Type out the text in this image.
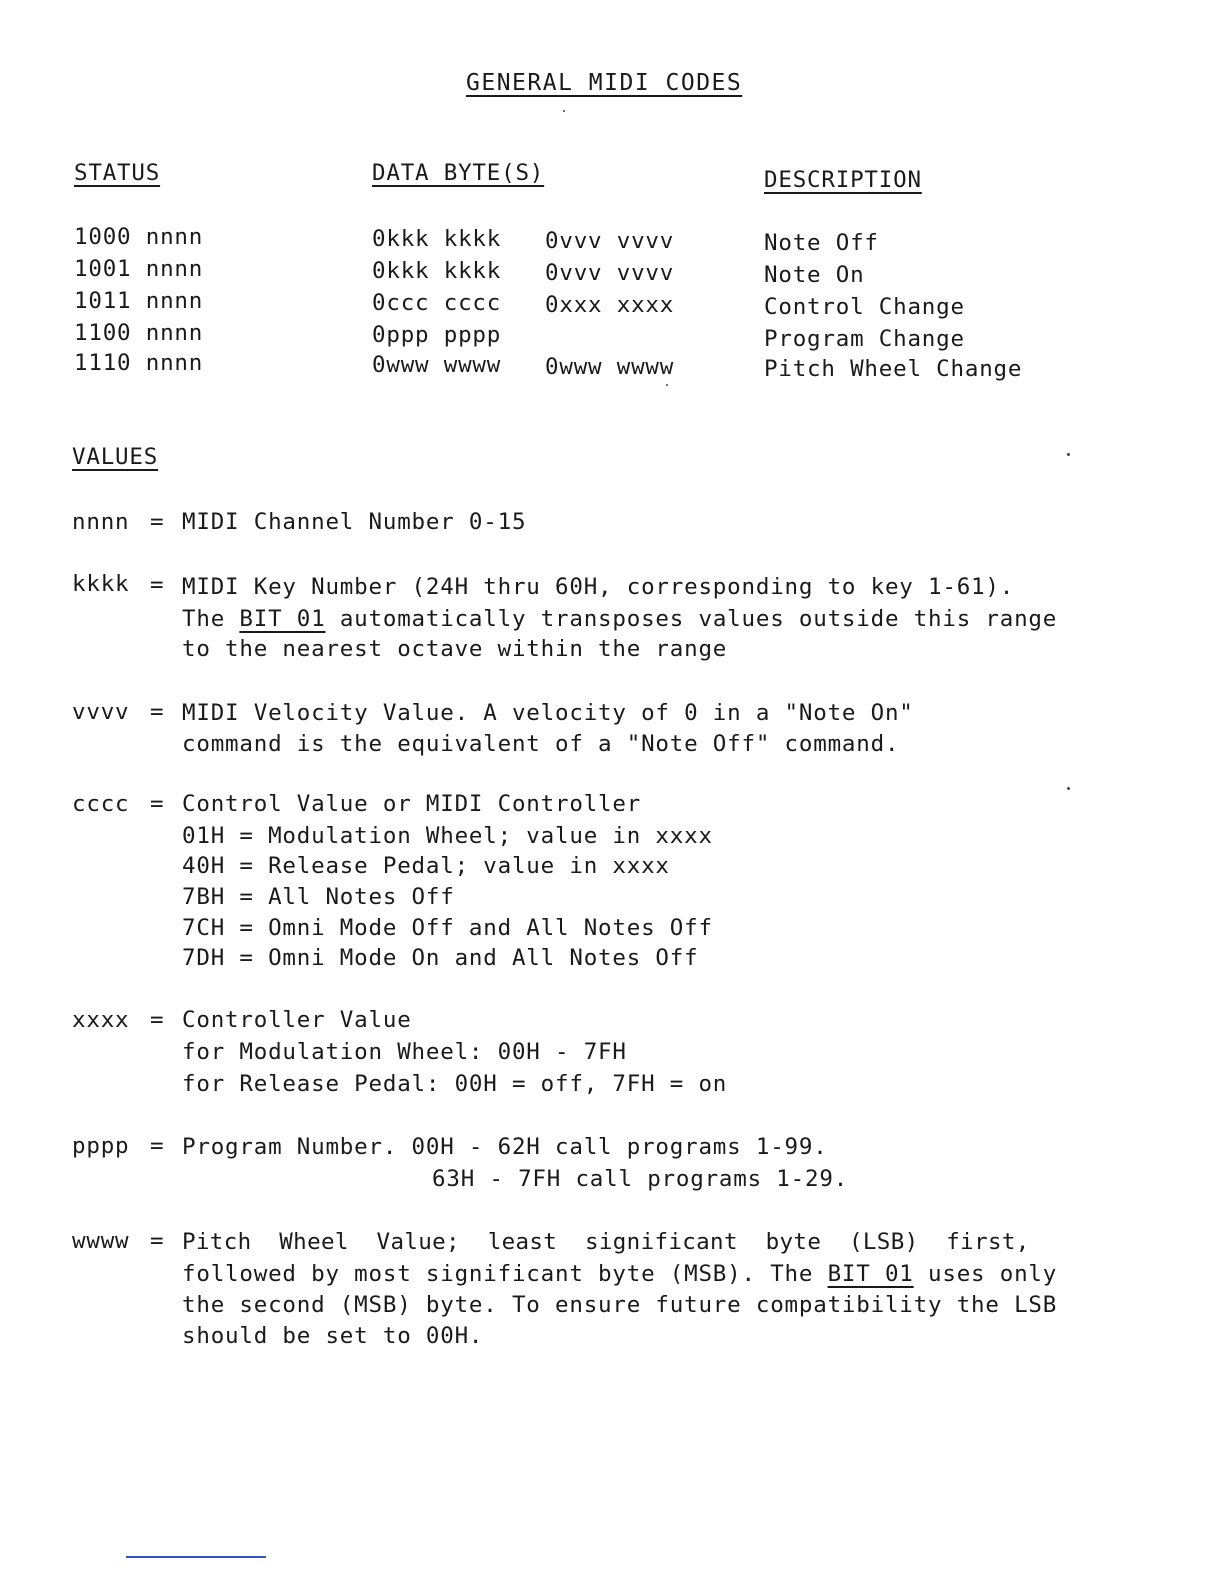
GENERAL MIDI CODES
STATUS	DATA BYTE(S)	DESCRIPTION
1000 nnnn	0kkk kkkk 0vvv vvvv	Note Off
1001 nnnn	0kkk kkkk 0vvv vvvv	Note On
1011 nnnn	0ccc cccc 0xxx xxxx	Control Change
1100 nnnn	0ppp pppp	Program Change
1110 nnnn	0www wwww 0www wwww	Pitch Wheel Change
VALUES
nnnn = MIDI Channel Number 0-15
kkkk = MIDI Key Number (24H thru 60H, corresponding to key 1-61).
The BIT 01 automatically transposes values outside this range
to the nearest octave within the range
vvvv = MIDI Velocity Value. A velocity of 0 in a "Note On"
command is the equivalent of a "Note Off" command.
cccc = Control Value or MIDI Controller
01H = Modulation Wheel; value in xxxx
40H = Release Pedal; value in xxxx
7BH = All Notes Off
7CH = Omni Mode Off and All Notes Off
7DH = Omni Mode On and All Notes Off
xxxx = Controller Value
for Modulation Wheel: 00H - 7FH
for Release Pedal: 00H = off, 7FH = on
pppp = Program Number. 00H - 62H call programs 1-99.
63H - 7FH call programs 1-29.
wwww = Pitch  Wheel  Value;  least  significant  byte  (LSB)  first,
followed by most significant byte (MSB). The BIT 01 uses only
the second (MSB) byte. To ensure future compatibility the LSB
should be set to 00H.
